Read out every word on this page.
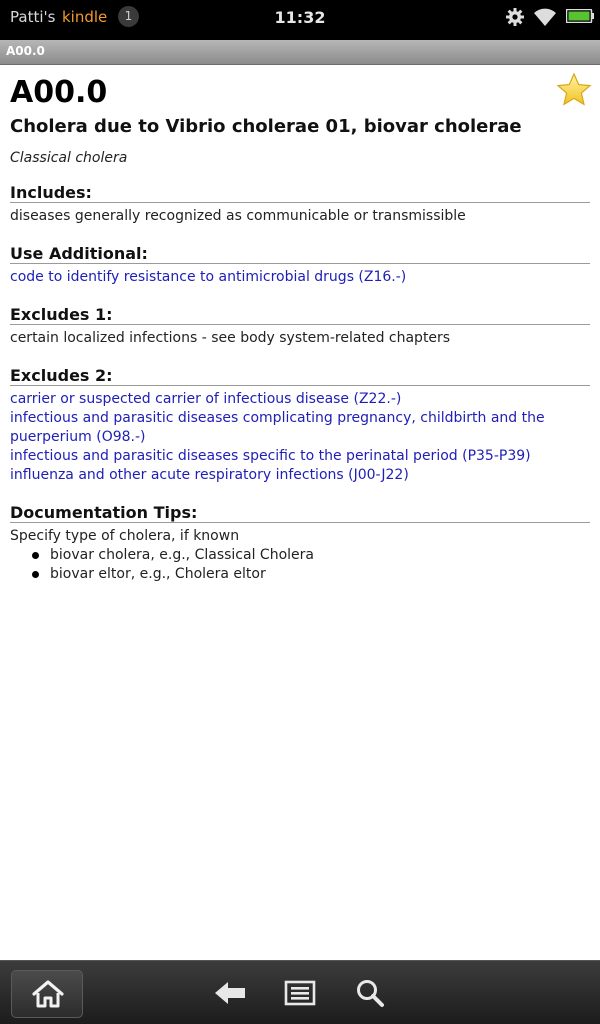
Patti's kindle	1	11:32
A00.0
A00.0
Cholera due to Vibrio cholerae 01, biovar cholerae
Classical cholera
Includes:
diseases generally recognized as communicable or transmissible
Use Additional:
code to identify resistance to antimicrobial drugs (Z16.-)
Excludes 1:
certain localized infections - see body system-related chapters
Excludes 2:
carrier or suspected carrier of infectious disease (Z22.-)
infectious and parasitic diseases complicating pregnancy, childbirth and the puerperium (O98.-)
infectious and parasitic diseases specific to the perinatal period (P35-P39)
influenza and other acute respiratory infections (J00-J22)
Documentation Tips:
Specify type of cholera, if known
biovar cholera, e.g., Classical Cholera
biovar eltor, e.g., Cholera eltor
